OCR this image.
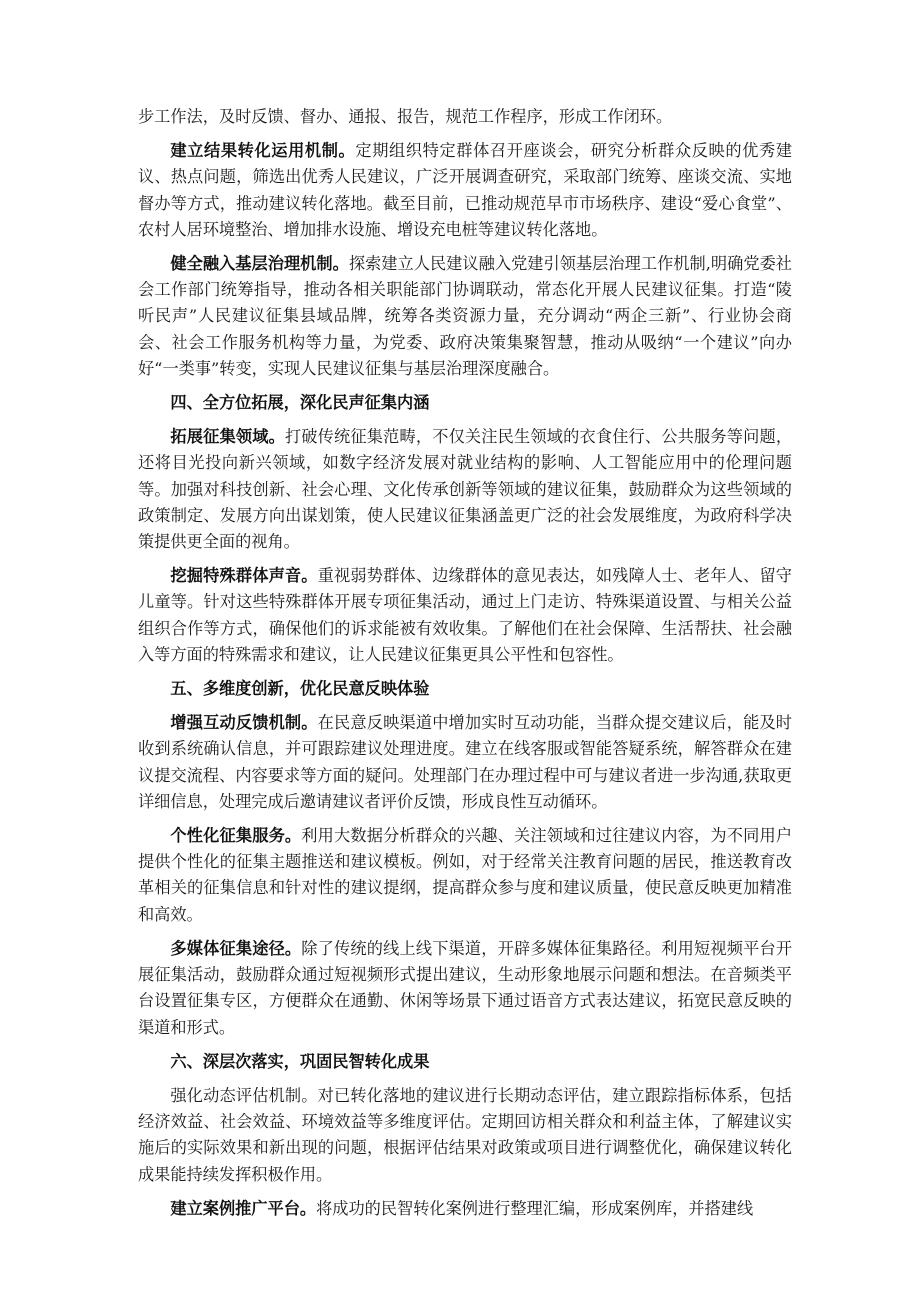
步工作法，及时反馈、督办、通报、报告，规范工作程序，形成工作闭环。

建立结果转化运用机制。定期组织特定群体召开座谈会，研究分析群众反映的优秀建议、热点问题，筛选出优秀人民建议，广泛开展调查研究，采取部门统筹、座谈交流、实地督办等方式，推动建议转化落地。截至目前，已推动规范早市市场秩序、建设“爱心食堂”、农村人居环境整治、增加排水设施、增设充电桩等建议转化落地。

健全融入基层治理机制。探索建立人民建议融入党建引领基层治理工作机制,明确党委社会工作部门统筹指导，推动各相关职能部门协调联动，常态化开展人民建议征集。打造“陵听民声”人民建议征集县域品牌，统筹各类资源力量，充分调动“两企三新”、行业协会商会、社会工作服务机构等力量，为党委、政府决策集聚智慧，推动从吸纳“一个建议”向办好“一类事”转变，实现人民建议征集与基层治理深度融合。

四、全方位拓展，深化民声征集内涵

拓展征集领域。打破传统征集范畴，不仅关注民生领域的衣食住行、公共服务等问题，还将目光投向新兴领域，如数字经济发展对就业结构的影响、人工智能应用中的伦理问题等。加强对科技创新、社会心理、文化传承创新等领域的建议征集，鼓励群众为这些领域的政策制定、发展方向出谋划策，使人民建议征集涵盖更广泛的社会发展维度，为政府科学决策提供更全面的视角。

挖掘特殊群体声音。重视弱势群体、边缘群体的意见表达，如残障人士、老年人、留守儿童等。针对这些特殊群体开展专项征集活动，通过上门走访、特殊渠道设置、与相关公益组织合作等方式，确保他们的诉求能被有效收集。了解他们在社会保障、生活帮扶、社会融入等方面的特殊需求和建议，让人民建议征集更具公平性和包容性。

五、多维度创新，优化民意反映体验

增强互动反馈机制。在民意反映渠道中增加实时互动功能，当群众提交建议后，能及时收到系统确认信息，并可跟踪建议处理进度。建立在线客服或智能答疑系统，解答群众在建议提交流程、内容要求等方面的疑问。处理部门在办理过程中可与建议者进一步沟通,获取更详细信息，处理完成后邀请建议者评价反馈，形成良性互动循环。

个性化征集服务。利用大数据分析群众的兴趣、关注领域和过往建议内容，为不同用户提供个性化的征集主题推送和建议模板。例如，对于经常关注教育问题的居民，推送教育改革相关的征集信息和针对性的建议提纲，提高群众参与度和建议质量，使民意反映更加精准和高效。

多媒体征集途径。除了传统的线上线下渠道，开辟多媒体征集路径。利用短视频平台开展征集活动，鼓励群众通过短视频形式提出建议，生动形象地展示问题和想法。在音频类平台设置征集专区，方便群众在通勤、休闲等场景下通过语音方式表达建议，拓宽民意反映的渠道和形式。

六、深层次落实，巩固民智转化成果

强化动态评估机制。对已转化落地的建议进行长期动态评估，建立跟踪指标体系，包括经济效益、社会效益、环境效益等多维度评估。定期回访相关群众和利益主体，了解建议实施后的实际效果和新出现的问题，根据评估结果对政策或项目进行调整优化，确保建议转化成果能持续发挥积极作用。

建立案例推广平台。将成功的民智转化案例进行整理汇编，形成案例库，并搭建线
